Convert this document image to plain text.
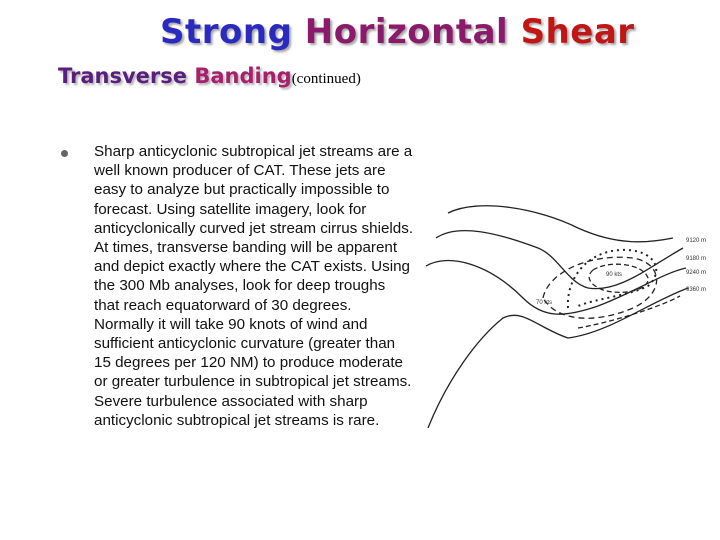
Strong Horizontal Shear
Transverse Banding(continued)
Sharp anticyclonic subtropical jet streams are a well known producer of CAT. These jets are easy to analyze but practically impossible to forecast. Using satellite imagery, look for anticyclonically curved jet stream cirrus shields. At times, transverse banding will be apparent and depict exactly where the CAT exists. Using the 300 Mb analyses, look for deep troughs that reach equatorward of 30 degrees. Normally it will take 90 knots of wind and sufficient anticyclonic curvature (greater than 15 degrees per 120 NM) to produce moderate or greater turbulence in subtropical jet streams. Severe turbulence associated with sharp anticyclonic subtropical jet streams is rare.
9120 m
9180 m
9240 m
9360 m
90 kts
70 kts
